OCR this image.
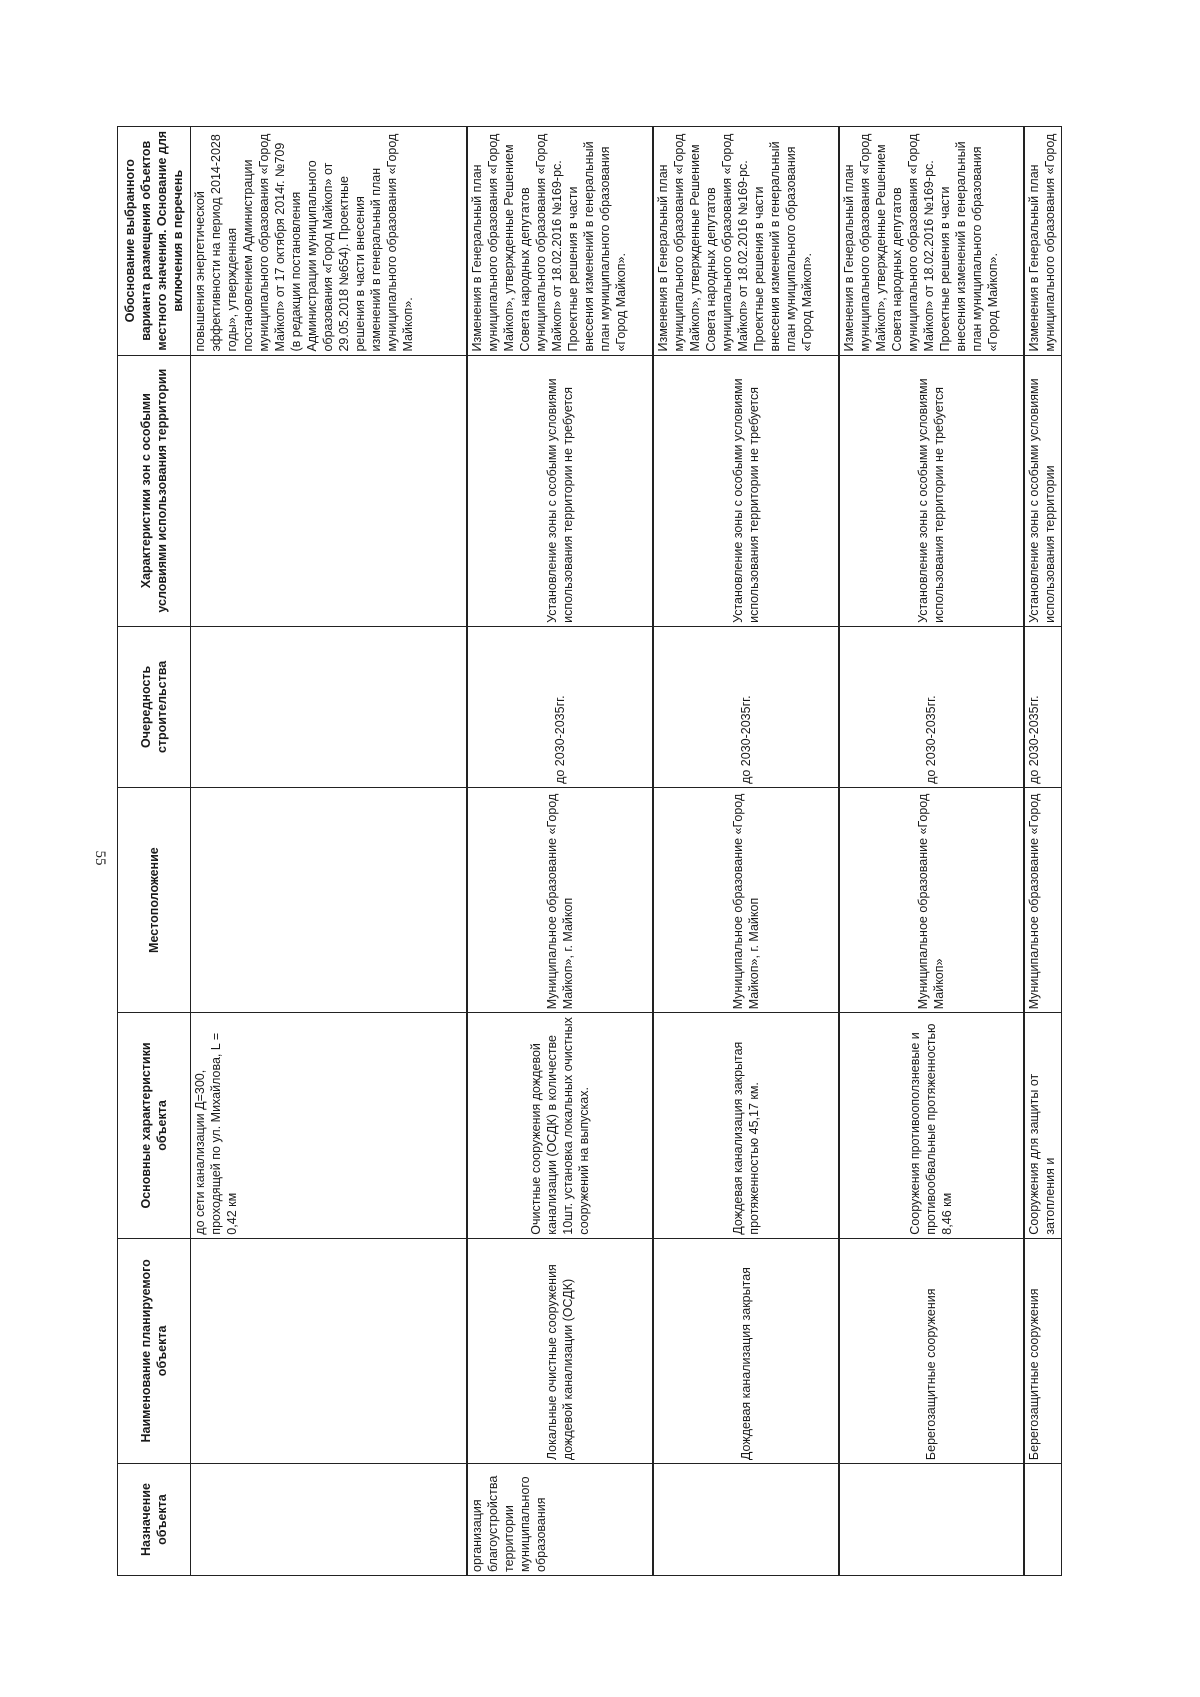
55
Назначение объекта	Наименование планируемого объекта	Основные характеристики объекта	Местоположение	Очередность строительства	Характеристики зон с особыми условиями использования территории	Обоснование выбранного варианта размещения объектов местного значения. Основание для включения в перечень
		до сети канализации Д=300, проходящей по ул. Михайлова, L = 0,42 км				повышения энергетической эффективности на период 2014-2028 годы», утвержденная постановлением Администрации муниципального образования «Город Майкоп» от 17 октября 2014г. №709 (в редакции постановления Администрации муниципального образования «Город Майкоп» от 29.05.2018 №654). Проектные решения в части внесения изменений в генеральный план муниципального образования «Город Майкоп».
организация благоустройства территории муниципального образования	Локальные очистные сооружения дождевой канализации (ОСДК)	Очистные сооружения дождевой канализации (ОСДК) в количестве 10шт. установка локальных очистных сооружений на выпусках.	Муниципальное образование «Город Майкоп», г. Майкоп	до 2030-2035гг.	Установление зоны с особыми условиями использования территории не требуется	Изменения в Генеральный план муниципального образования «Город Майкоп», утвержденные Решением Совета народных депутатов муниципального образования «Город Майкоп» от 18.02.2016 №169-рс. Проектные решения в части внесения изменений в генеральный план муниципального образования «Город Майкоп».
	Дождевая канализация закрытая	Дождевая канализация закрытая протяженностью 45,17 км.	Муниципальное образование «Город Майкоп», г. Майкоп	до 2030-2035гг.	Установление зоны с особыми условиями использования территории не требуется	Изменения в Генеральный план муниципального образования «Город Майкоп», утвержденные Решением Совета народных депутатов муниципального образования «Город Майкоп» от 18.02.2016 №169-рс. Проектные решения в части внесения изменений в генеральный план муниципального образования «Город Майкоп».
	Берегозащитные сооружения	Сооружения противооползневые и противообвальные протяженностью 8,46 км	Муниципальное образование «Город Майкоп»	до 2030-2035гг.	Установление зоны с особыми условиями использования территории не требуется	Изменения в Генеральный план муниципального образования «Город Майкоп», утвержденные Решением Совета народных депутатов муниципального образования «Город Майкоп» от 18.02.2016 №169-рс. Проектные решения в части внесения изменений в генеральный план муниципального образования «Город Майкоп».
	Берегозащитные сооружения	Сооружения для защиты от затопления и	Муниципальное образование «Город	до 2030-2035гг.	Установление зоны с особыми условиями использования территории	Изменения в Генеральный план муниципального образования «Город
